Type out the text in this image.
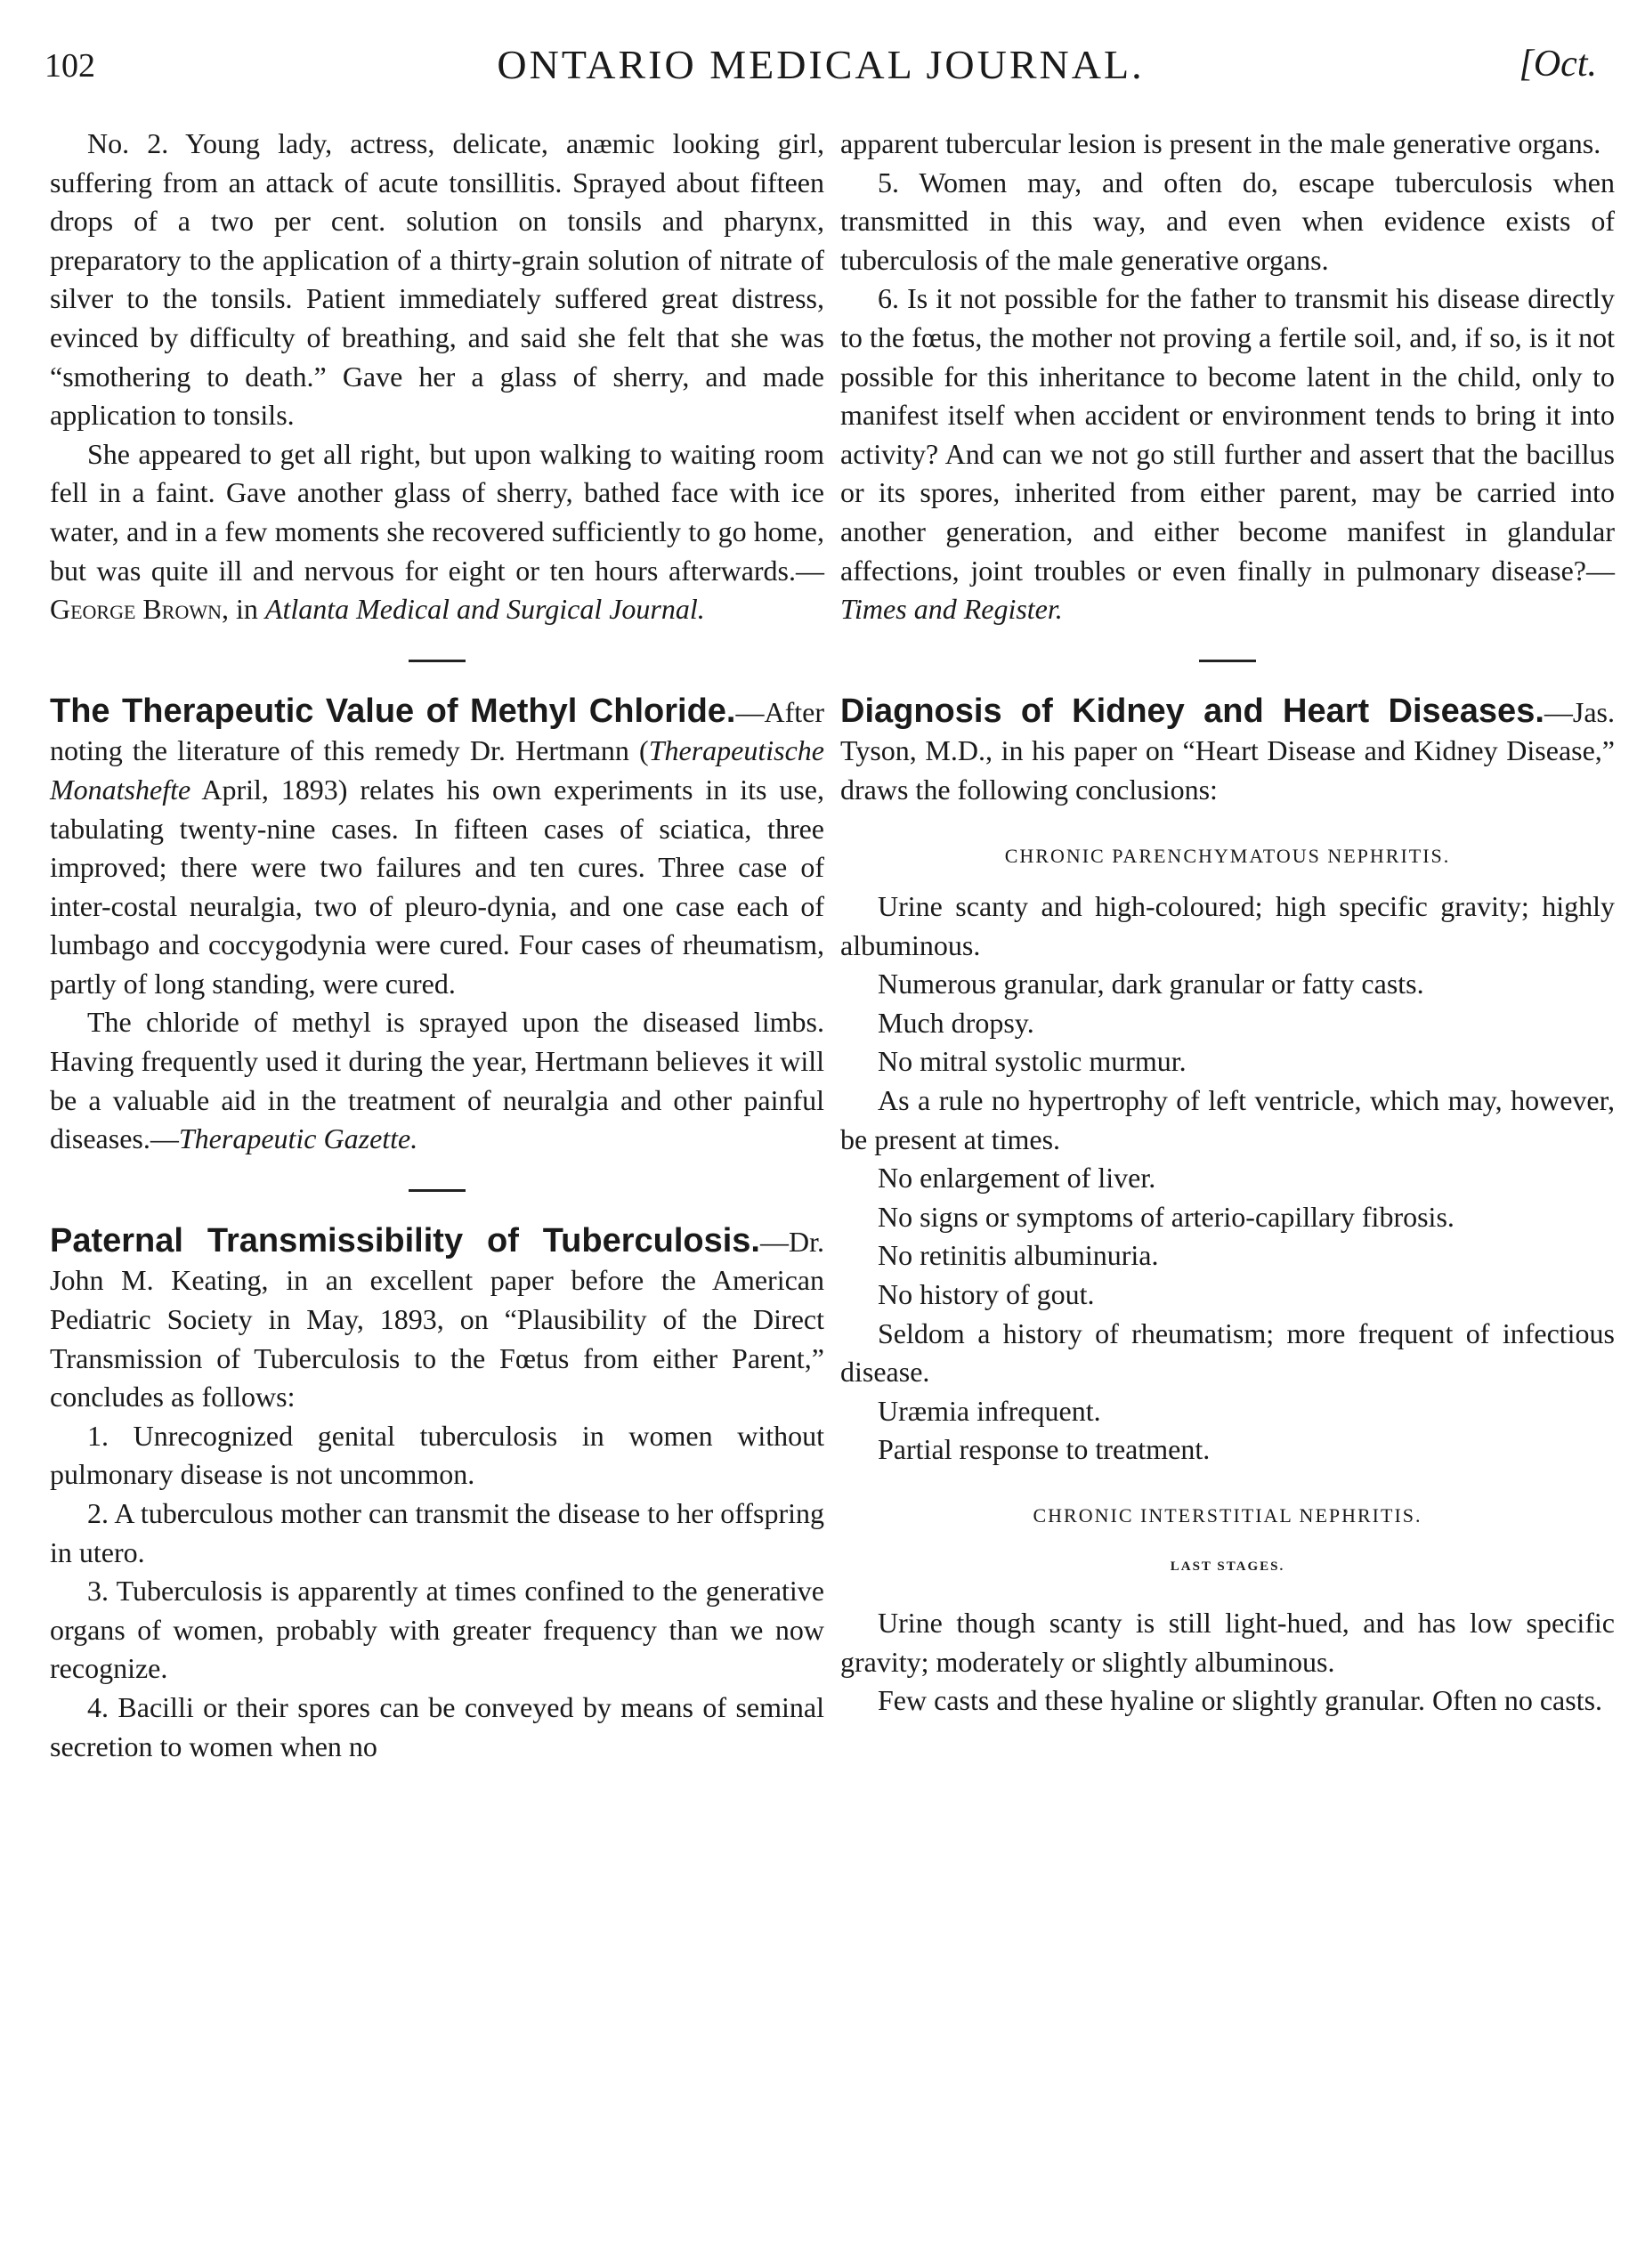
102	ONTARIO MEDICAL JOURNAL.	[Oct.

No. 2. Young lady, actress, delicate, anæmic looking girl, suffering from an attack of acute tonsillitis. Sprayed about fifteen drops of a two per cent. solution on tonsils and pharynx, preparatory to the application of a thirty-grain solution of nitrate of silver to the tonsils. Patient immediately suffered great distress, evinced by difficulty of breathing, and said she felt that she was “smothering to death.” Gave her a glass of sherry, and made application to tonsils.

She appeared to get all right, but upon walking to waiting room fell in a faint. Gave another glass of sherry, bathed face with ice water, and in a few moments she recovered sufficiently to go home, but was quite ill and nervous for eight or ten hours afterwards.—George Brown, in Atlanta Medical and Surgical Journal.

The Therapeutic Value of Methyl Chloride.—After noting the literature of this remedy Dr. Hertmann (Therapeutische Monatshefte April, 1893) relates his own experiments in its use, tabulating twenty-nine cases. In fifteen cases of sciatica, three improved; there were two failures and ten cures. Three case of inter-costal neuralgia, two of pleuro-dynia, and one case each of lumbago and coccygodynia were cured. Four cases of rheumatism, partly of long standing, were cured.

The chloride of methyl is sprayed upon the diseased limbs. Having frequently used it during the year, Hertmann believes it will be a valuable aid in the treatment of neuralgia and other painful diseases.—Therapeutic Gazette.

Paternal Transmissibility of Tuberculosis.—Dr. John M. Keating, in an excellent paper before the American Pediatric Society in May, 1893, on “Plausibility of the Direct Transmission of Tuberculosis to the Fœtus from either Parent,” concludes as follows:

1. Unrecognized genital tuberculosis in women without pulmonary disease is not uncommon.

2. A tuberculous mother can transmit the disease to her offspring in utero.

3. Tuberculosis is apparently at times confined to the generative organs of women, probably with greater frequency than we now recognize.

4. Bacilli or their spores can be conveyed by means of seminal secretion to women when no

apparent tubercular lesion is present in the male generative organs.

5. Women may, and often do, escape tuberculosis when transmitted in this way, and even when evidence exists of tuberculosis of the male generative organs.

6. Is it not possible for the father to transmit his disease directly to the fœtus, the mother not proving a fertile soil, and, if so, is it not possible for this inheritance to become latent in the child, only to manifest itself when accident or environment tends to bring it into activity? And can we not go still further and assert that the bacillus or its spores, inherited from either parent, may be carried into another generation, and either become manifest in glandular affections, joint troubles or even finally in pulmonary disease?—Times and Register.

Diagnosis of Kidney and Heart Diseases.—Jas. Tyson, M.D., in his paper on “Heart Disease and Kidney Disease,” draws the following conclusions:

CHRONIC PARENCHYMATOUS NEPHRITIS.

Urine scanty and high-coloured; high specific gravity; highly albuminous.

Numerous granular, dark granular or fatty casts.

Much dropsy.

No mitral systolic murmur.

As a rule no hypertrophy of left ventricle, which may, however, be present at times.

No enlargement of liver.

No signs or symptoms of arterio-capillary fibrosis.

No retinitis albuminuria.

No history of gout.

Seldom a history of rheumatism; more frequent of infectious disease.

Uræmia infrequent.

Partial response to treatment.

CHRONIC INTERSTITIAL NEPHRITIS.

LAST STAGES.

Urine though scanty is still light-hued, and has low specific gravity; moderately or slightly albuminous.

Few casts and these hyaline or slightly granular. Often no casts.
